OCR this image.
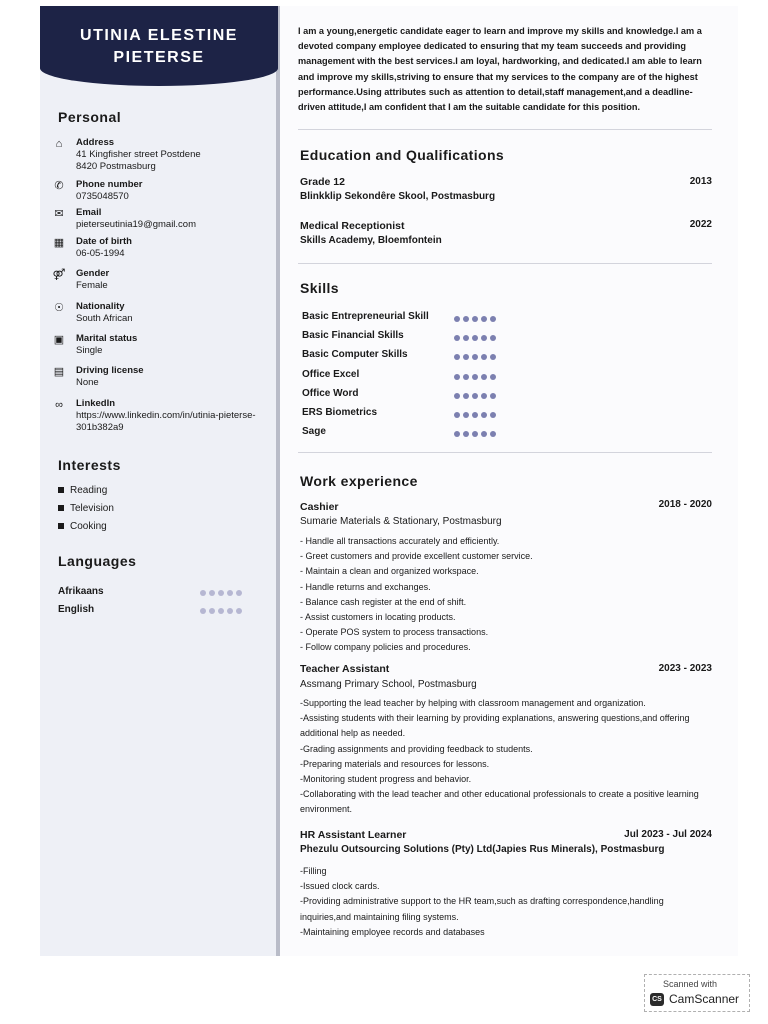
UTINIA ELESTINE
PIETERSE
Personal
⌂	Address
41 Kingfisher street Postdene
8420 Postmasburg
✆ Phone number
0735048570
✉ Email
pieterseutinia19@gmail.com
▦ Date of birth
06-05-1994
⚤ Gender
Female
☉ Nationality
South African
▣ Marital status
Single
▤ Driving license
None
∞	LinkedIn
https://www.linkedin.com/in/utinia-pieterse-
301b382a9
Interests
Reading
Television
Cooking
Languages
Afrikaans
English
I am a young,energetic candidate eager to learn and improve my skills and knowledge.I am a devoted company employee dedicated to ensuring that my team succeeds and providing management with the best services.I am loyal, hardworking, and dedicated.I am able to learn and improve my skills,striving to ensure that my services to the company are of the highest performance.Using attributes such as attention to detail,staff management,and a deadline-driven attitude,I am confident that I am the suitable candidate for this position.
Education and Qualifications
Grade 12	2013
Blinkklip Sekondêre Skool, Postmasburg
Medical Receptionist	2022
Skills Academy, Bloemfontein
Skills
Basic Entrepreneurial Skill
Basic Financial Skills
Basic Computer Skills
Office Excel
Office Word
ERS Biometrics
Sage
Work experience
Cashier	2018 - 2020
Sumarie Materials & Stationary, Postmasburg
- Handle all transactions accurately and efficiently.
- Greet customers and provide excellent customer service.
- Maintain a clean and organized workspace.
- Handle returns and exchanges.
- Balance cash register at the end of shift.
- Assist customers in locating products.
- Operate POS system to process transactions.
- Follow company policies and procedures.
Teacher Assistant	2023 - 2023
Assmang Primary School, Postmasburg
-Supporting the lead teacher by helping with classroom management and organization.
-Assisting students with their learning by providing explanations, answering questions,and offering additional help as needed.
-Grading assignments and providing feedback to students.
-Preparing materials and resources for lessons.
-Monitoring student progress and behavior.
-Collaborating with the lead teacher and other educational professionals to create a positive learning environment.
HR Assistant Learner	Jul 2023 - Jul 2024
Phezulu Outsourcing Solutions (Pty) Ltd(Japies Rus Minerals), Postmasburg
-Filling
-Issued clock cards.
-Providing administrative support to the HR team,such as drafting correspondence,handling inquiries,and maintaining filing systems.
-Maintaining employee records and databases
Scanned with
CS CamScanner
